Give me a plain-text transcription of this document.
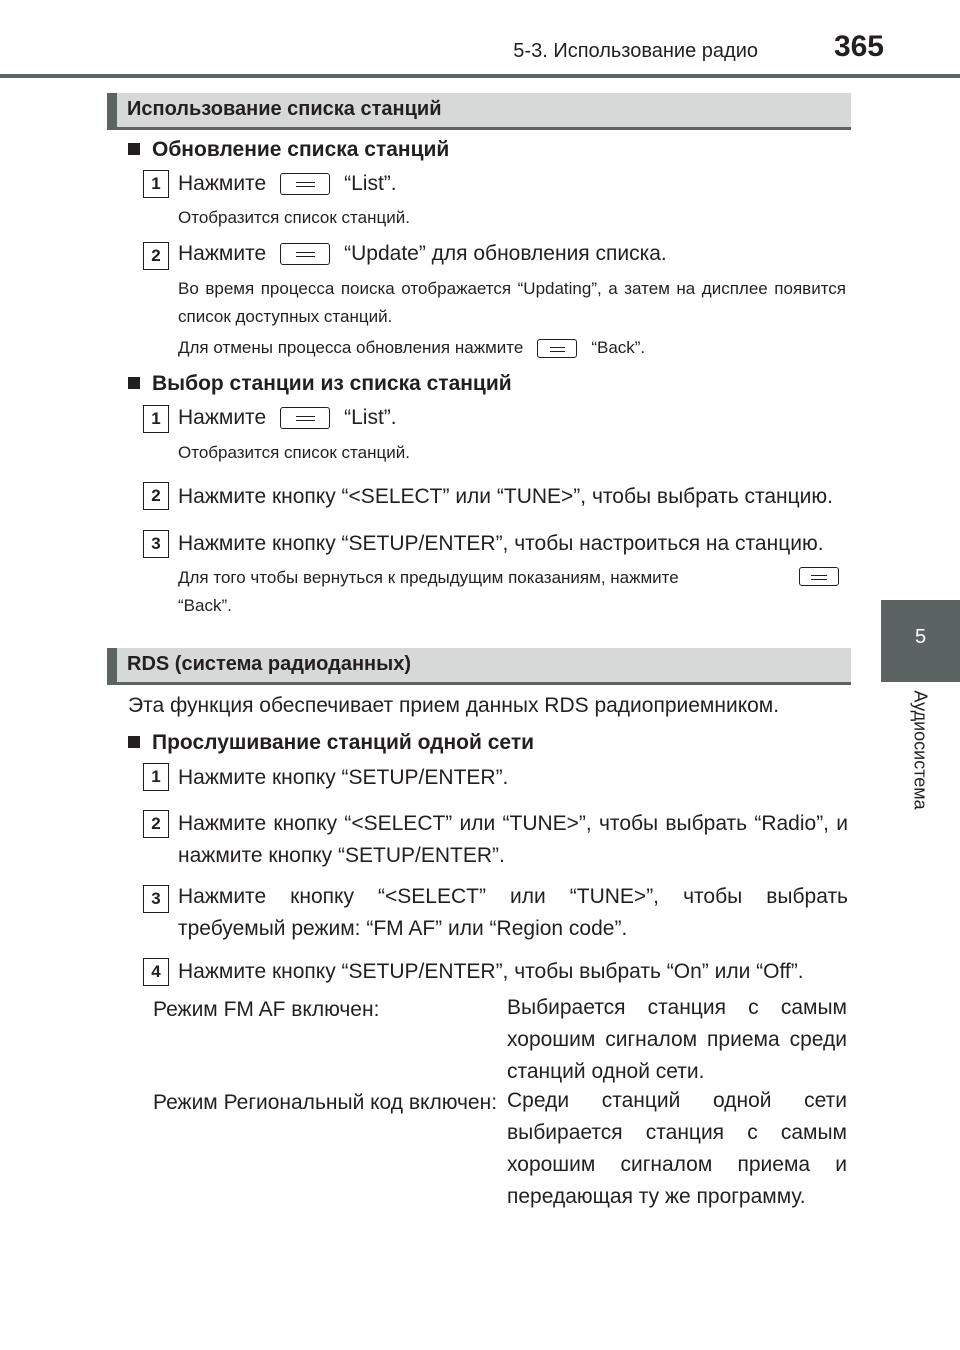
5-3. Использование радио	365
5
Аудиосистема
Использование списка станций
Обновление списка станций
1 Нажмите	“List”.
Отобразится список станций.
2 Нажмите	“Update” для обновления списка.
Во время процесса поиска отображается “Updating”, а затем на дисплее появится список доступных станций.
Для отмены процесса обновления нажмите	“Back”.
Выбор станции из списка станций
1 Нажмите	“List”.
Отобразится список станций.
2 Нажмите кнопку “<SELECT” или “TUNE>”, чтобы выбрать станцию.
3 Нажмите кнопку “SETUP/ENTER”, чтобы настроиться на станцию.
Для того чтобы вернуться к предыдущим показаниям, нажмите
“Back”.
RDS (система радиоданных)
Эта функция обеспечивает прием данных RDS радиоприемником.
Прослушивание станций одной сети
1 Нажмите кнопку “SETUP/ENTER”.
2 Нажмите кнопку “<SELECT” или “TUNE>”, чтобы выбрать “Radio”, и нажмите кнопку “SETUP/ENTER”.
3 Нажмите кнопку “<SELECT” или “TUNE>”, чтобы выбрать требуемый режим: “FM AF” или “Region code”.
4 Нажмите кнопку “SETUP/ENTER”, чтобы выбрать “On” или “Off”.
Режим FM AF включен:	Выбирается станция с самым хорошим сигналом приема среди станций одной сети.
Режим Региональный код включен: Среди станций одной сети выбирается станция с самым хорошим сигналом приема и передающая ту же программу.
